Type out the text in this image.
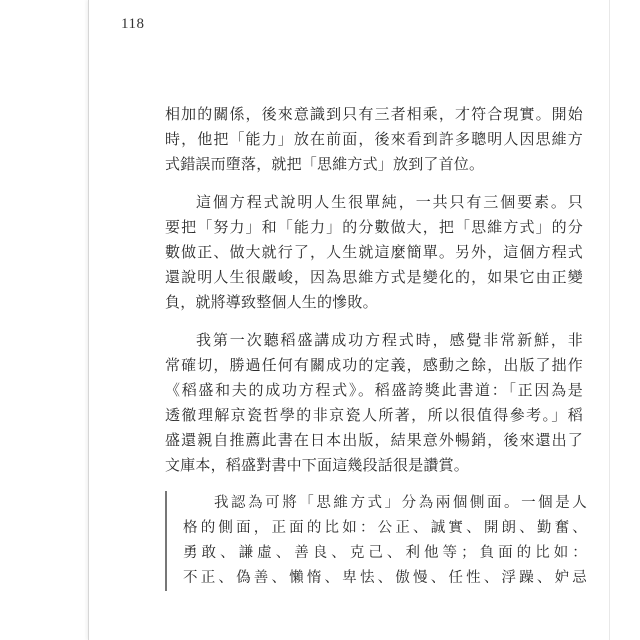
118
相加的關係，後來意識到只有三者相乘，才符合現實。開始
時，他把「能力」放在前面，後來看到許多聰明人因思維方
式錯誤而墮落，就把「思維方式」放到了首位。
這個方程式說明人生很單純，一共只有三個要素。只
要把「努力」和「能力」的分數做大，把「思維方式」的分
數做正、做大就行了，人生就這麼簡單。另外，這個方程式
還說明人生很嚴峻，因為思維方式是變化的，如果它由正變
負，就將導致整個人生的慘敗。
我第一次聽稻盛講成功方程式時，感覺非常新鮮，非
常確切，勝過任何有關成功的定義，感動之餘，出版了拙作
《稻盛和夫的成功方程式》。稻盛誇獎此書道：「正因為是
透徹理解京瓷哲學的非京瓷人所著，所以很值得參考。」稻
盛還親自推薦此書在日本出版，結果意外暢銷，後來還出了
文庫本，稻盛對書中下面這幾段話很是讚賞。
我認為可將「思維方式」分為兩個側面。一個是人
格的側面，正面的比如：公正、誠實、開朗、勤奮、
勇敢、謙虛、善良、克己、利他等；負面的比如：
不正、偽善、懶惰、卑怯、傲慢、任性、浮躁、妒忌
